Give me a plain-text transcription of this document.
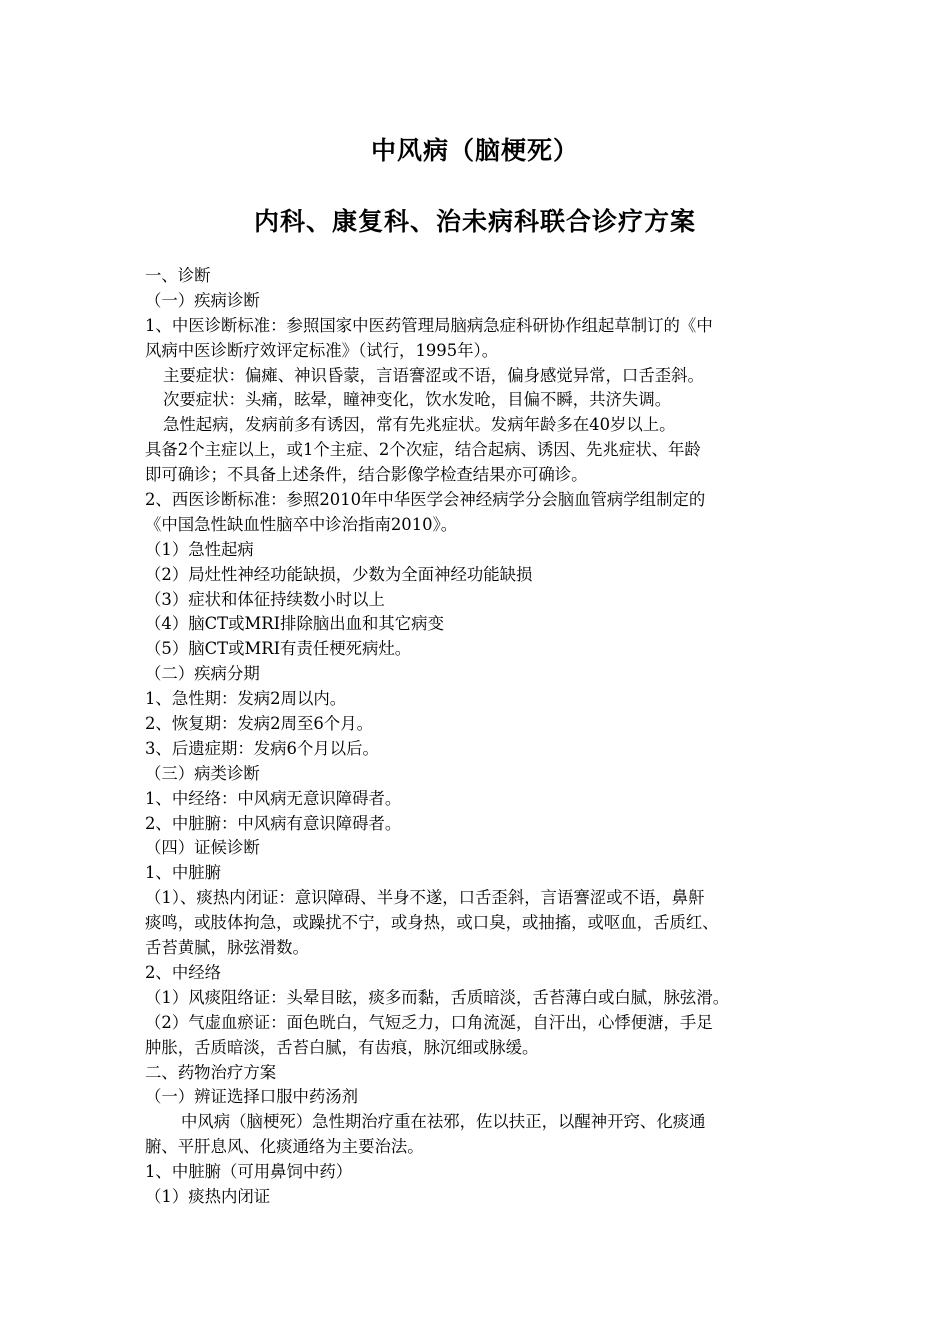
中风病（脑梗死）
内科、康复科、治未病科联合诊疗方案
一、诊断
（一）疾病诊断
1、中医诊断标准：参照国家中医药管理局脑病急症科研协作组起草制订的《中
风病中医诊断疗效评定标准》（试行，1995年）。
主要症状：偏瘫、神识昏蒙，言语謇涩或不语，偏身感觉异常，口舌歪斜。
次要症状：头痛，眩晕，瞳神变化，饮水发呛，目偏不瞬，共济失调。
急性起病，发病前多有诱因，常有先兆症状。发病年龄多在40岁以上。
具备2个主症以上，或1个主症、2个次症，结合起病、诱因、先兆症状、年龄
即可确诊；不具备上述条件，结合影像学检查结果亦可确诊。
2、西医诊断标准：参照2010年中华医学会神经病学分会脑血管病学组制定的
《中国急性缺血性脑卒中诊治指南2010》。
（1）急性起病
（2）局灶性神经功能缺损，少数为全面神经功能缺损
（3）症状和体征持续数小时以上
（4）脑CT或MRI排除脑出血和其它病变
（5）脑CT或MRI有责任梗死病灶。
（二）疾病分期
1、急性期：发病2周以内。
2、恢复期：发病2周至6个月。
3、后遗症期：发病6个月以后。
（三）病类诊断
1、中经络：中风病无意识障碍者。
2、中脏腑：中风病有意识障碍者。
（四）证候诊断
1、中脏腑
（1）、痰热内闭证：意识障碍、半身不遂，口舌歪斜，言语謇涩或不语，鼻鼾
痰鸣，或肢体拘急，或躁扰不宁，或身热，或口臭，或抽搐，或呕血，舌质红、
舌苔黄腻，脉弦滑数。
2、中经络
（1）风痰阻络证：头晕目眩，痰多而黏，舌质暗淡，舌苔薄白或白腻，脉弦滑。
（2）气虚血瘀证：面色晄白，气短乏力，口角流涎，自汗出，心悸便溏，手足
肿胀，舌质暗淡，舌苔白腻，有齿痕，脉沉细或脉缓。
二、药物治疗方案
（一）辨证选择口服中药汤剂
中风病（脑梗死）急性期治疗重在祛邪，佐以扶正，以醒神开窍、化痰通
腑、平肝息风、化痰通络为主要治法。
1、中脏腑（可用鼻饲中药）
（1）痰热内闭证
